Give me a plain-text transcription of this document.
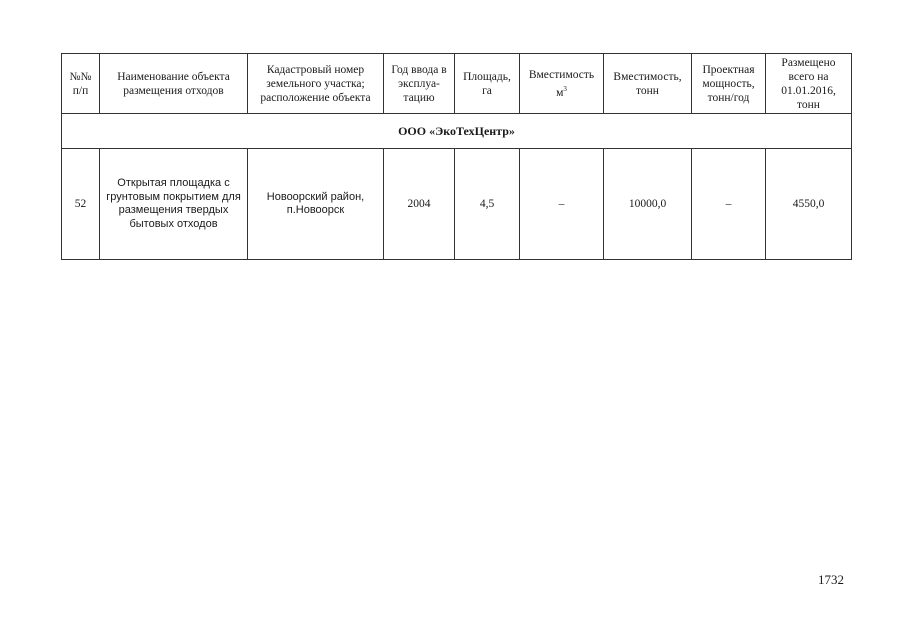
№№ п/п	Наименование объекта размещения отходов	Кадастровый номер земельного участка; расположение объекта	Год ввода в эксплуа-тацию	Площадь, га	Вместимость $м^3$	Вместимость, тонн	Проектная мощность, тонн/год	Размещено всего на 01.01.2016, тонн
ООО «ЭкоТехЦентр»								
52	Открытая площадка с грунтовым покрытием для размещения твердых бытовых отходов	Новоорский район, п.Новоорск	2004	4,5	–	10000,0	–	4550,0
1732
